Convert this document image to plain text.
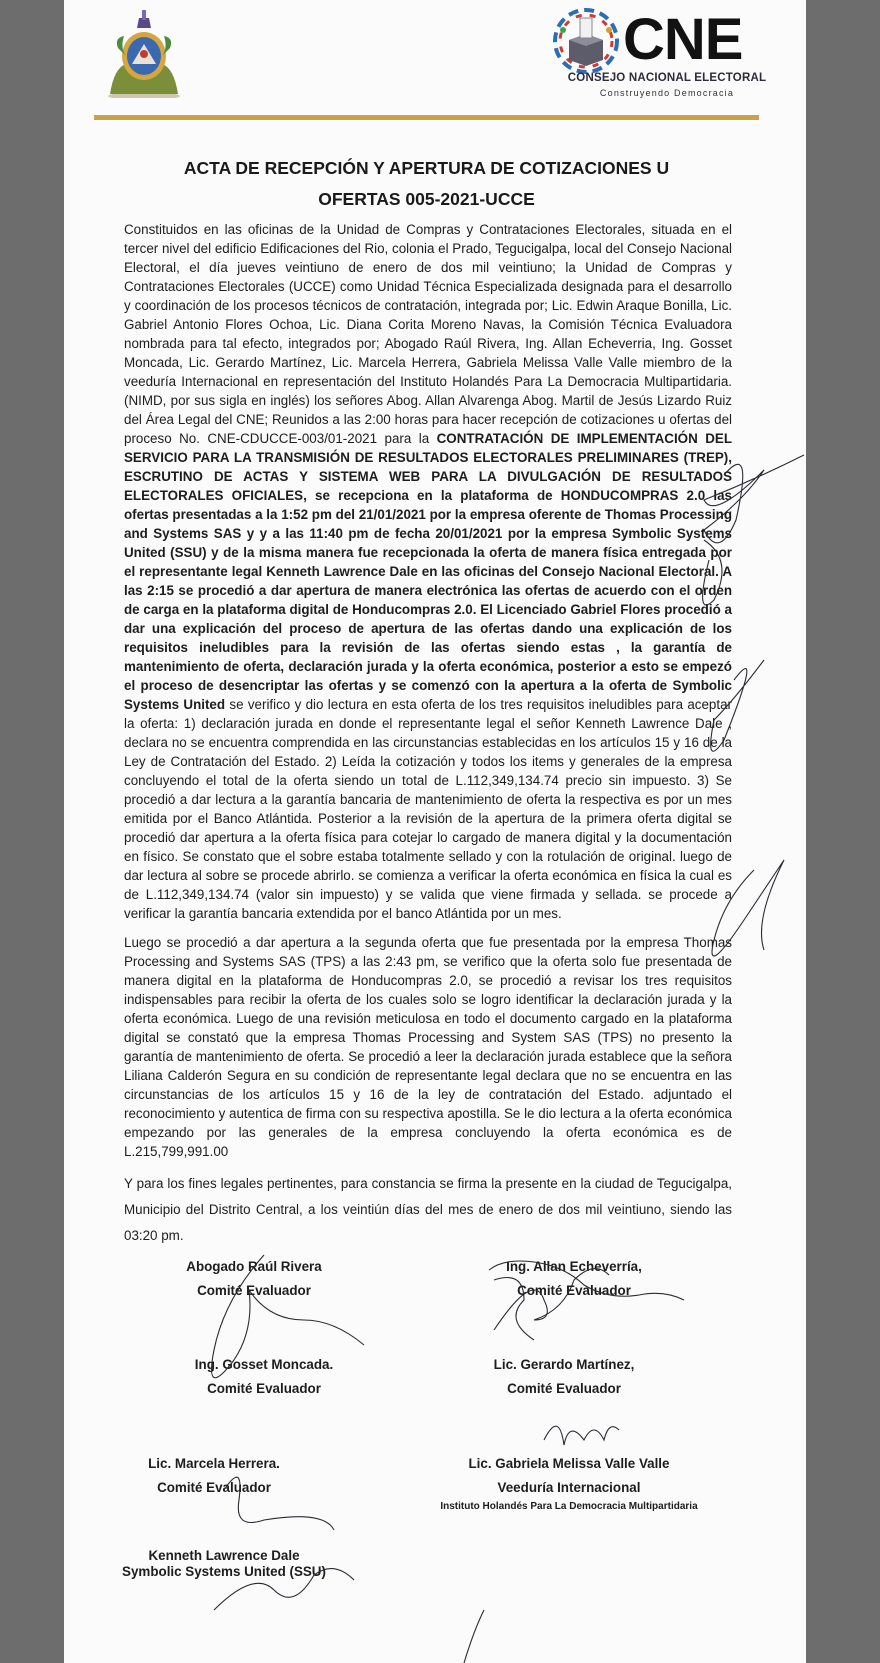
CNE
CONSEJO NACIONAL ELECTORAL
Construyendo Democracia
ACTA DE RECEPCIÓN Y APERTURA DE COTIZACIONES U
OFERTAS 005-2021-UCCE

Constituidos en las oficinas de la Unidad de Compras y Contrataciones Electorales, situada en el tercer nivel del edificio Edificaciones del Rio, colonia el Prado, Tegucigalpa, local del Consejo Nacional Electoral, el día jueves veintiuno de enero de dos mil veintiuno; la Unidad de Compras y Contrataciones Electorales (UCCE) como Unidad Técnica Especializada designada para el desarrollo y coordinación de los procesos técnicos de contratación, integrada por; Lic. Edwin Araque Bonilla, Lic. Gabriel Antonio Flores Ochoa, Lic. Diana Corita Moreno Navas, la Comisión Técnica Evaluadora nombrada para tal efecto, integrados por; Abogado Raúl Rivera, Ing. Allan Echeverria, Ing. Gosset Moncada, Lic. Gerardo Martínez, Lic. Marcela Herrera, Gabriela Melissa Valle Valle miembro de la veeduría Internacional en representación del Instituto Holandés Para La Democracia Multipartidaria. (NIMD, por sus sigla en inglés) los señores Abog. Allan Alvarenga Abog. Martil de Jesús Lizardo Ruiz del Área Legal del CNE; Reunidos a las 2:00 horas para hacer recepción de cotizaciones u ofertas del proceso No. CNE-CDUCCE-003/01-2021 para la CONTRATACIÓN DE IMPLEMENTACIÓN DEL SERVICIO PARA LA TRANSMISIÓN DE RESULTADOS ELECTORALES PRELIMINARES (TREP), ESCRUTINO DE ACTAS Y SISTEMA WEB PARA LA DIVULGACIÓN DE RESULTADOS ELECTORALES OFICIALES, se recepciona en la plataforma de HONDUCOMPRAS 2.0 las ofertas presentadas a la 1:52 pm del 21/01/2021 por la empresa oferente de Thomas Processing and Systems SAS y y a las 11:40 pm de fecha 20/01/2021 por la empresa Symbolic Systems United (SSU) y de la misma manera fue recepcionada la oferta de manera física entregada por el representante legal Kenneth Lawrence Dale en las oficinas del Consejo Nacional Electoral. A las 2:15 se procedió a dar apertura de manera electrónica las ofertas de acuerdo con el orden de carga en la plataforma digital de Honducompras 2.0. El Licenciado Gabriel Flores procedió a dar una explicación del proceso de apertura de las ofertas dando una explicación de los requisitos ineludibles para la revisión de las ofertas siendo estas , la garantía de mantenimiento de oferta, declaración jurada y la oferta económica, posterior a esto se empezó el proceso de desencriptar las ofertas y se comenzó con la apertura a la oferta de Symbolic Systems United se verifico y dio lectura en esta oferta de los tres requisitos ineludibles para aceptar la oferta: 1) declaración jurada en donde el representante legal el señor Kenneth Lawrence Dale , declara no se encuentra comprendida en las circunstancias establecidas en los artículos 15 y 16 de la Ley de Contratación del Estado. 2) Leída la cotización y todos los items y generales de la empresa concluyendo el total de la oferta siendo un total de L.112,349,134.74 precio sin impuesto. 3) Se procedió a dar lectura a la garantía bancaria de mantenimiento de oferta la respectiva es por un mes emitida por el Banco Atlántida. Posterior a la revisión de la apertura de la primera oferta digital se procedió dar apertura a la oferta física para cotejar lo cargado de manera digital y la documentación en físico. Se constato que el sobre estaba totalmente sellado y con la rotulación de original. luego de dar lectura al sobre se procede abrirlo. se comienza a verificar la oferta económica en física la cual es de L.112,349,134.74 (valor sin impuesto) y se valida que viene firmada y sellada. se procede a verificar la garantía bancaria extendida por el banco Atlántida por un mes.

Luego se procedió a dar apertura a la segunda oferta que fue presentada por la empresa Thomas Processing and Systems SAS (TPS) a las 2:43 pm, se verifico que la oferta solo fue presentada de manera digital en la plataforma de Honducompras 2.0, se procedió a revisar los tres requisitos indispensables para recibir la oferta de los cuales solo se logro identificar la declaración jurada y la oferta económica. Luego de una revisión meticulosa en todo el documento cargado en la plataforma digital se constató que la empresa Thomas Processing and System SAS (TPS) no presento la garantía de mantenimiento de oferta. Se procedió a leer la declaración jurada establece que la señora Liliana Calderón Segura en su condición de representante legal declara que no se encuentra en las circunstancias de los artículos 15 y 16 de la ley de contratación del Estado. adjuntado el reconocimiento y autentica de firma con su respectiva apostilla. Se le dio lectura a la oferta económica empezando por las generales de la empresa concluyendo la oferta económica es de L.215,799,991.00

Y para los fines legales pertinentes, para constancia se firma la presente en la ciudad de Tegucigalpa, Municipio del Distrito Central, a los veintiún días del mes de enero de dos mil veintiuno, siendo las 03:20 pm.

Abogado Raúl Rivera
Comité Evaluador
Ing. Allan Echeverría,
Comité Evaluador
Ing. Gosset Moncada.
Comité Evaluador
Lic. Gerardo Martínez,
Comité Evaluador
Lic. Marcela Herrera.
Comité Evaluador
Lic. Gabriela Melissa Valle Valle
Veeduría Internacional
Instituto Holandés Para La Democracia Multipartidaria
Kenneth Lawrence Dale
Symbolic Systems United (SSU)
